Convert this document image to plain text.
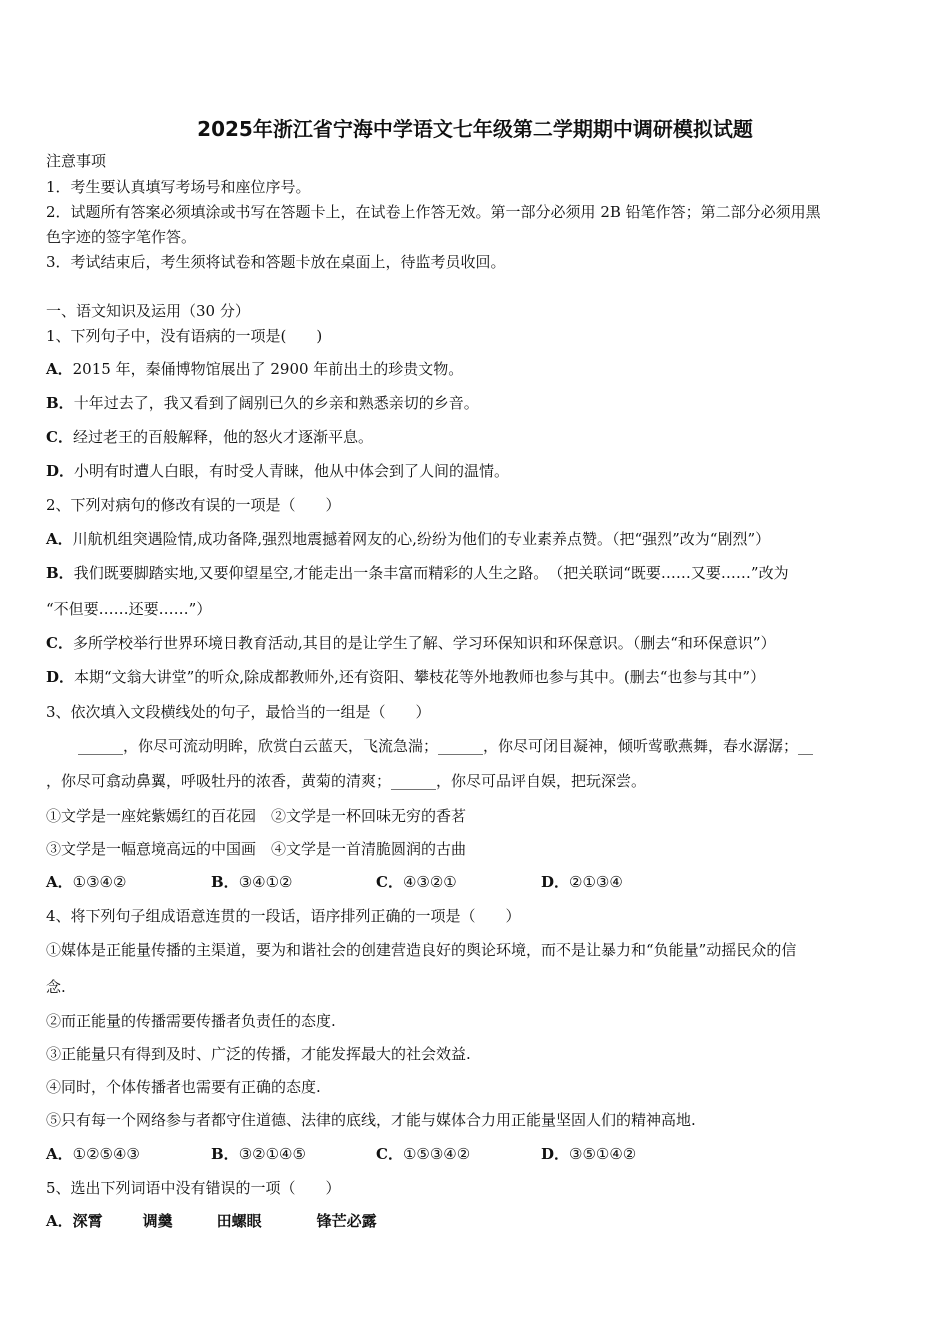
2025年浙江省宁海中学语文七年级第二学期期中调研模拟试题
注意事项
1．考生要认真填写考场号和座位序号。
2．试题所有答案必须填涂或书写在答题卡上，在试卷上作答无效。第一部分必须用 2B 铅笔作答；第二部分必须用黑
色字迹的签字笔作答。
3．考试结束后，考生须将试卷和答题卡放在桌面上，待监考员收回。
一、语文知识及运用（30 分）
1、下列句子中，没有语病的一项是(　　)
A．2015 年，秦俑博物馆展出了 2900 年前出土的珍贵文物。
B．十年过去了，我又看到了阔别已久的乡亲和熟悉亲切的乡音。
C．经过老王的百般解释，他的怒火才逐渐平息。
D．小明有时遭人白眼，有时受人青睐，他从中体会到了人间的温情。
2、下列对病句的修改有误的一项是（　　）
A．川航机组突遇险情,成功备降,强烈地震撼着网友的心,纷纷为他们的专业素养点赞。（把“强烈”改为“剧烈”）
B．我们既要脚踏实地,又要仰望星空,才能走出一条丰富而精彩的人生之路。　（把关联词“既要……又要……”改为
“不但要……还要……”）
C．多所学校举行世界环境日教育活动,其目的是让学生了解、学习环保知识和环保意识。（删去“和环保意识”）
D．本期“文翁大讲堂”的听众,除成都教师外,还有资阳、攀枝花等外地教师也参与其中。(删去“也参与其中”）
3、依次填入文段横线处的句子，最恰当的一组是（　　）
______，你尽可流动明眸，欣赏白云蓝天，飞流急湍；______，你尽可闭目凝神，倾听莺歌燕舞，春水潺潺；__
，你尽可翕动鼻翼，呼吸牡丹的浓香，黄菊的清爽；______，你尽可品评自娱，把玩深尝。
①文学是一座姹紫嫣红的百花园　②文学是一杯回味无穷的香茗
③文学是一幅意境高远的中国画　④文学是一首清脆圆润的古曲
A．①③④②	B．③④①②	C．④③②①	D．②①③④
4、将下列句子组成语意连贯的一段话，语序排列正确的一项是（　　）
①媒体是正能量传播的主渠道，要为和谐社会的创建营造良好的舆论环境，而不是让暴力和“负能量”动摇民众的信
念.
②而正能量的传播需要传播者负责任的态度.
③正能量只有得到及时、广泛的传播，才能发挥最大的社会效益.
④同时，个体传播者也需要有正确的态度.
⑤只有每一个网络参与者都守住道德、法律的底线，才能与媒体合力用正能量坚固人们的精神高地.
A．①②⑤④③	B．③②①④⑤	C．①⑤③④②	D．③⑤①④②
5、选出下列词语中没有错误的一项（　　）
A．深霄	调羹	田螺眼	锋芒必露
